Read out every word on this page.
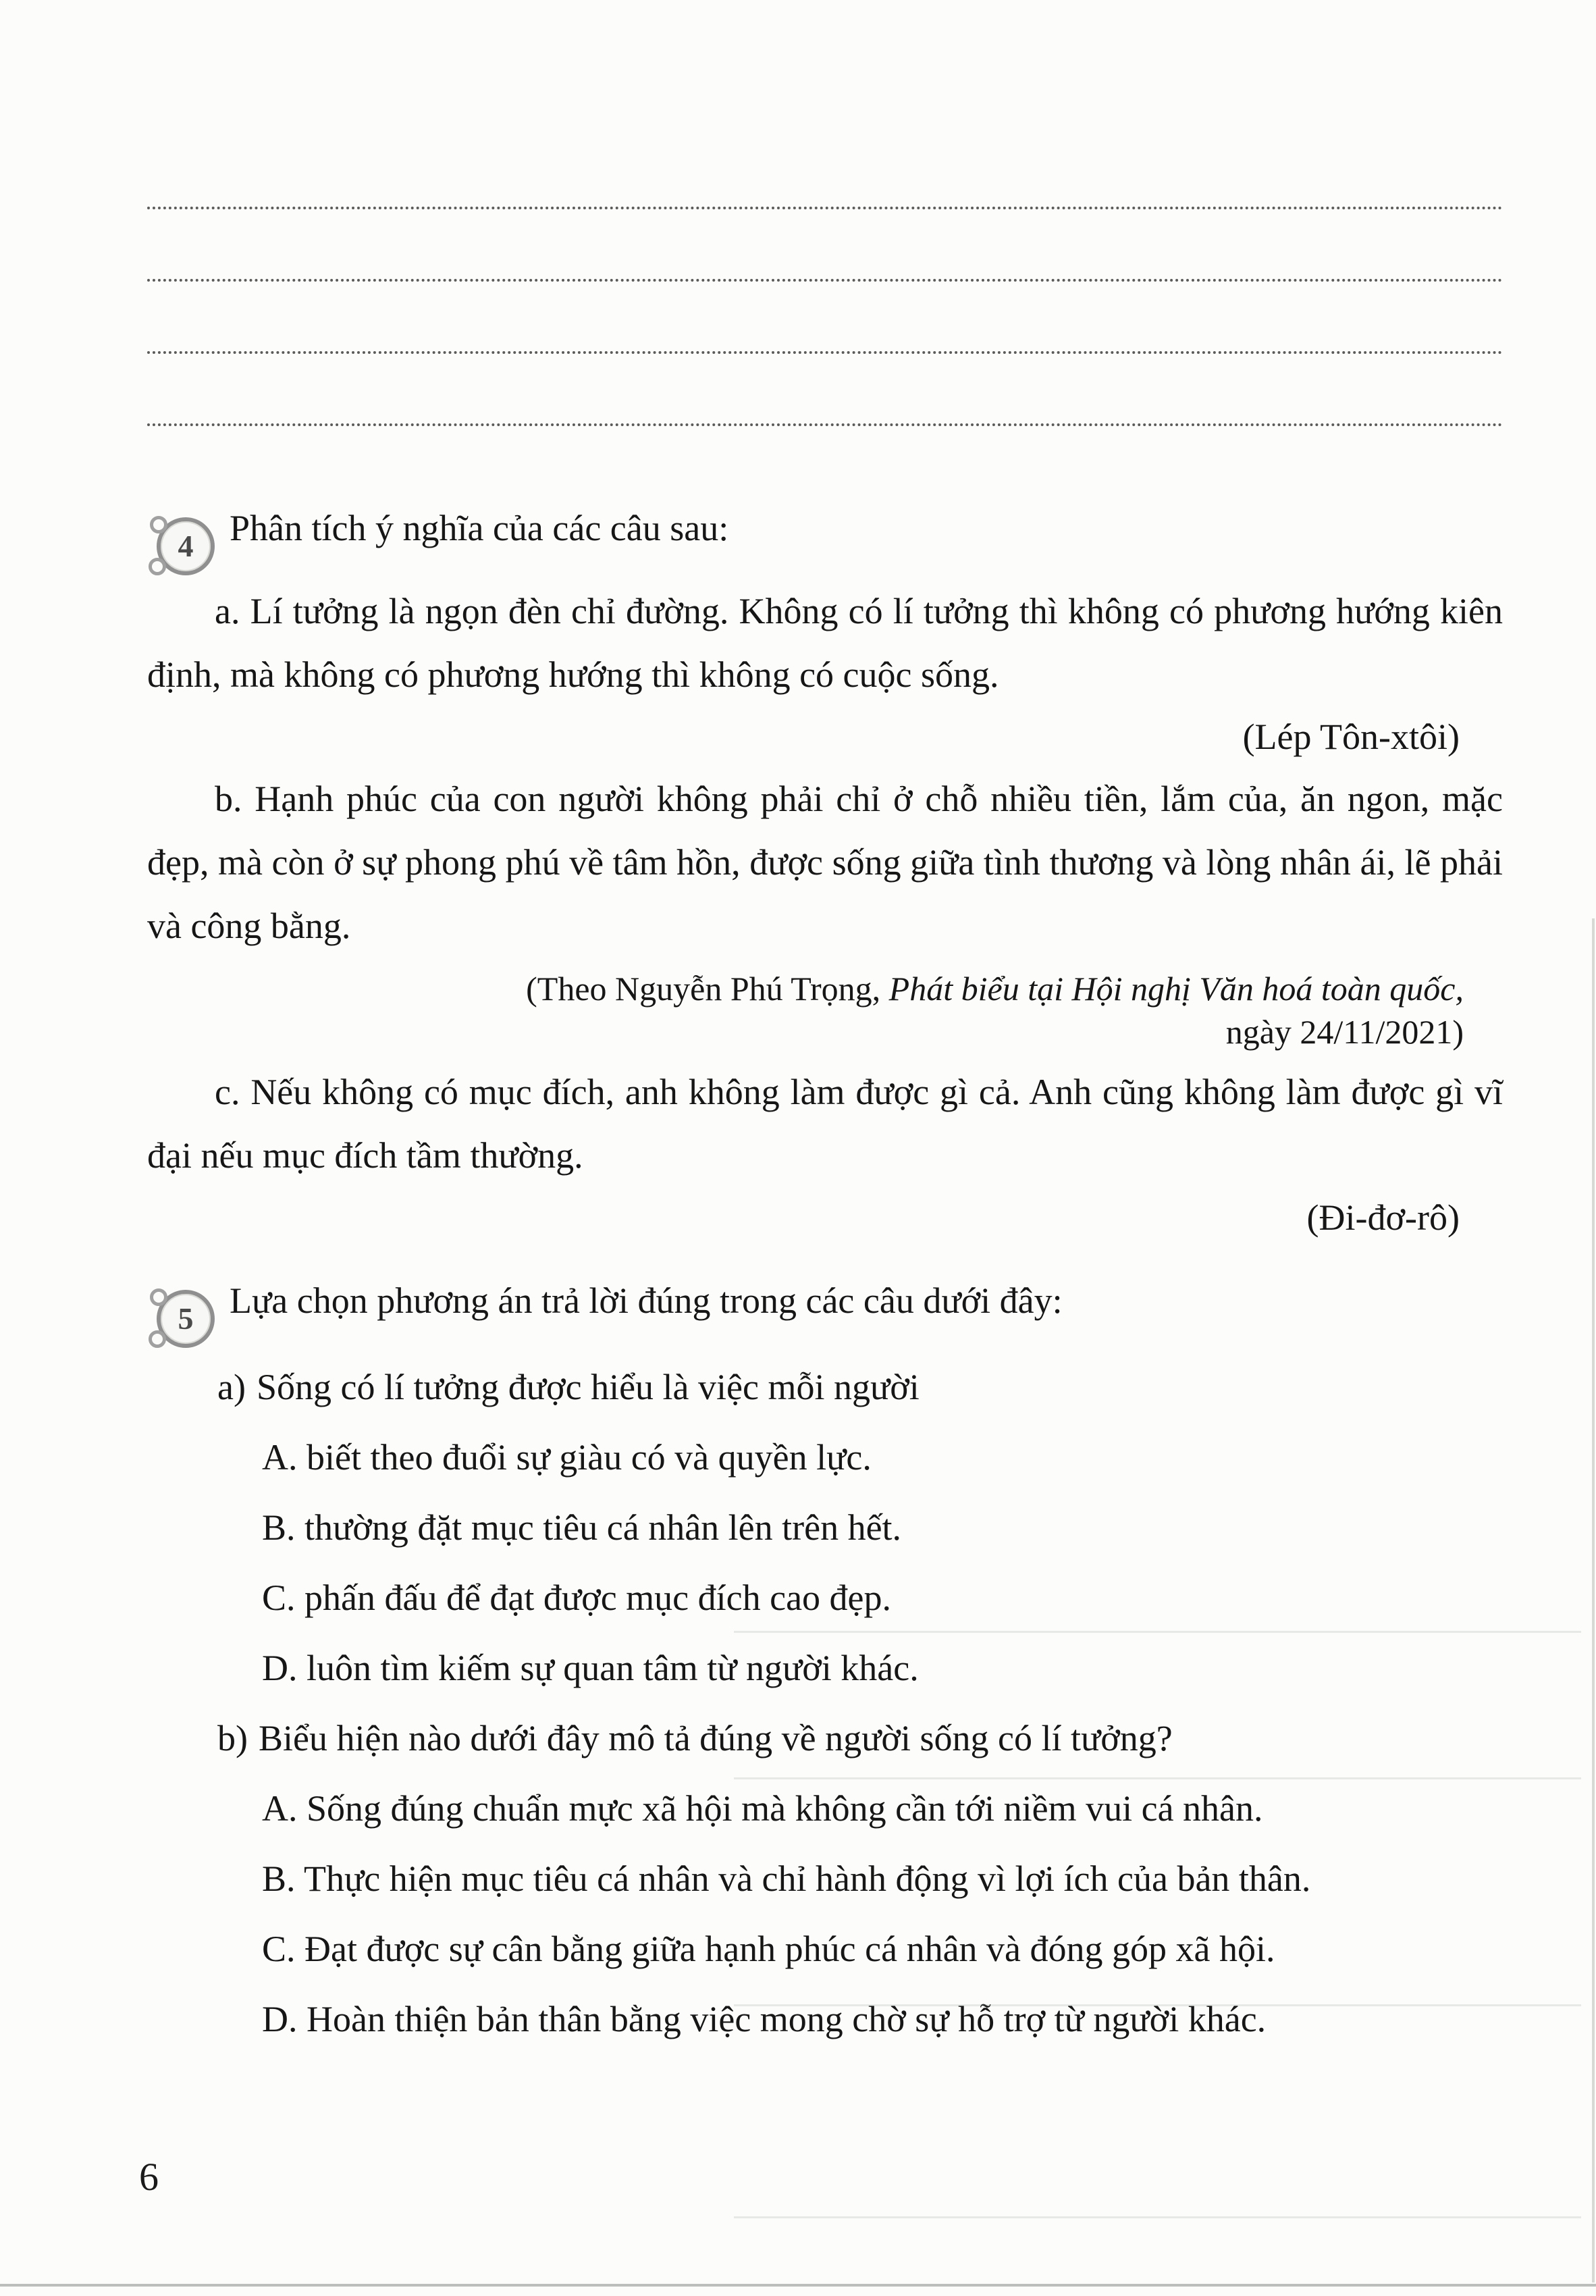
4 Phân tích ý nghĩa của các câu sau:

a. Lí tưởng là ngọn đèn chỉ đường. Không có lí tưởng thì không có phương hướng kiên định, mà không có phương hướng thì không có cuộc sống.

(Lép Tôn-xtôi)

b. Hạnh phúc của con người không phải chỉ ở chỗ nhiều tiền, lắm của, ăn ngon, mặc đẹp, mà còn ở sự phong phú về tâm hồn, được sống giữa tình thương và lòng nhân ái, lẽ phải và công bằng.

(Theo Nguyễn Phú Trọng, Phát biểu tại Hội nghị Văn hoá toàn quốc,
ngày 24/11/2021)

c. Nếu không có mục đích, anh không làm được gì cả. Anh cũng không làm được gì vĩ đại nếu mục đích tầm thường.

(Đi-đơ-rô)

5 Lựa chọn phương án trả lời đúng trong các câu dưới đây:

a) Sống có lí tưởng được hiểu là việc mỗi người

A. biết theo đuổi sự giàu có và quyền lực.

B. thường đặt mục tiêu cá nhân lên trên hết.

C. phấn đấu để đạt được mục đích cao đẹp.

D. luôn tìm kiếm sự quan tâm từ người khác.

b) Biểu hiện nào dưới đây mô tả đúng về người sống có lí tưởng?

A. Sống đúng chuẩn mực xã hội mà không cần tới niềm vui cá nhân.

B. Thực hiện mục tiêu cá nhân và chỉ hành động vì lợi ích của bản thân.

C. Đạt được sự cân bằng giữa hạnh phúc cá nhân và đóng góp xã hội.

D. Hoàn thiện bản thân bằng việc mong chờ sự hỗ trợ từ người khác.

6
